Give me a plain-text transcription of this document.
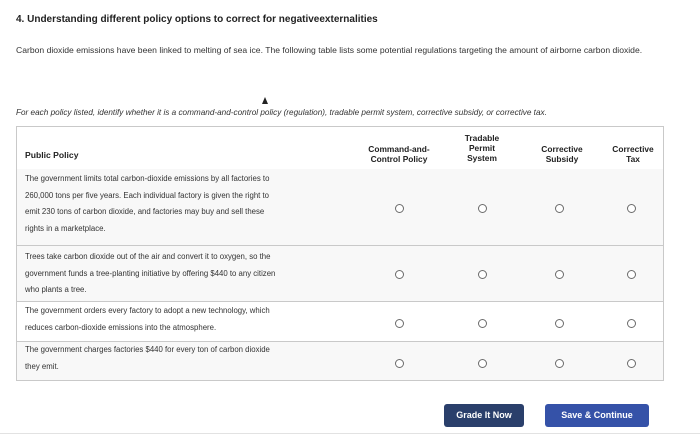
4. Understanding different policy options to correct for negativeexternalities
Carbon dioxide emissions have been linked to melting of sea ice. The following table lists some potential regulations targeting the amount of airborne carbon dioxide.
For each policy listed, identify whether it is a command-and-control policy (regulation), tradable permit system, corrective subsidy, or corrective tax.
Public Policy
Command-and-
Control Policy
Tradable
Permit
System
Corrective
Subsidy
Corrective
Tax
The government limits total carbon-dioxide emissions by all factories to
260,000 tons per five years. Each individual factory is given the right to
emit 230 tons of carbon dioxide, and factories may buy and sell these
rights in a marketplace.
Trees take carbon dioxide out of the air and convert it to oxygen, so the
government funds a tree-planting initiative by offering $440 to any citizen
who plants a tree.
The government orders every factory to adopt a new technology, which
reduces carbon-dioxide emissions into the atmosphere.
The government charges factories $440 for every ton of carbon dioxide
they emit.
Grade It Now	Save & Continue
